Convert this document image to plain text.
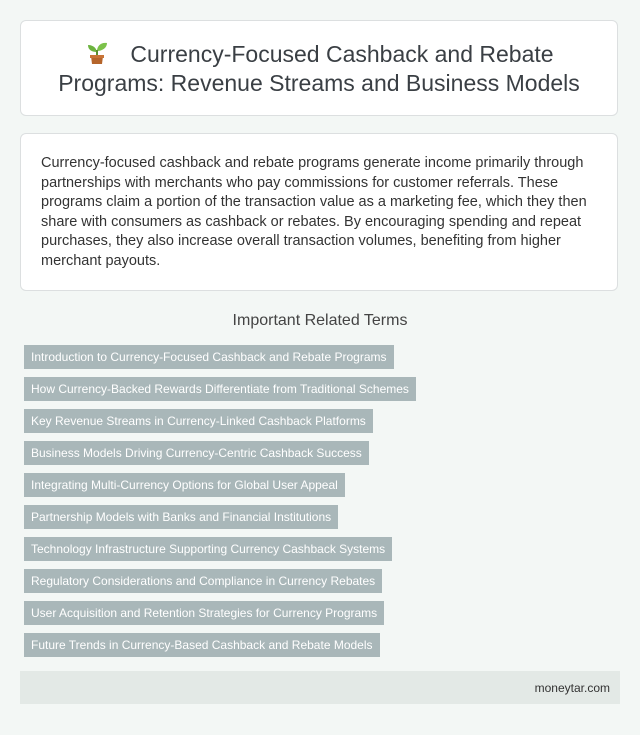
Currency-Focused Cashback and Rebate Programs: Revenue Streams and Business Models

Currency-focused cashback and rebate programs generate income primarily through partnerships with merchants who pay commissions for customer referrals. These programs claim a portion of the transaction value as a marketing fee, which they then share with consumers as cashback or rebates. By encouraging spending and repeat purchases, they also increase overall transaction volumes, benefiting from higher merchant payouts.

Important Related Terms
Introduction to Currency-Focused Cashback and Rebate Programs
How Currency-Backed Rewards Differentiate from Traditional Schemes
Key Revenue Streams in Currency-Linked Cashback Platforms
Business Models Driving Currency-Centric Cashback Success
Integrating Multi-Currency Options for Global User Appeal
Partnership Models with Banks and Financial Institutions
Technology Infrastructure Supporting Currency Cashback Systems
Regulatory Considerations and Compliance in Currency Rebates
User Acquisition and Retention Strategies for Currency Programs
Future Trends in Currency-Based Cashback and Rebate Models
moneytar.com
